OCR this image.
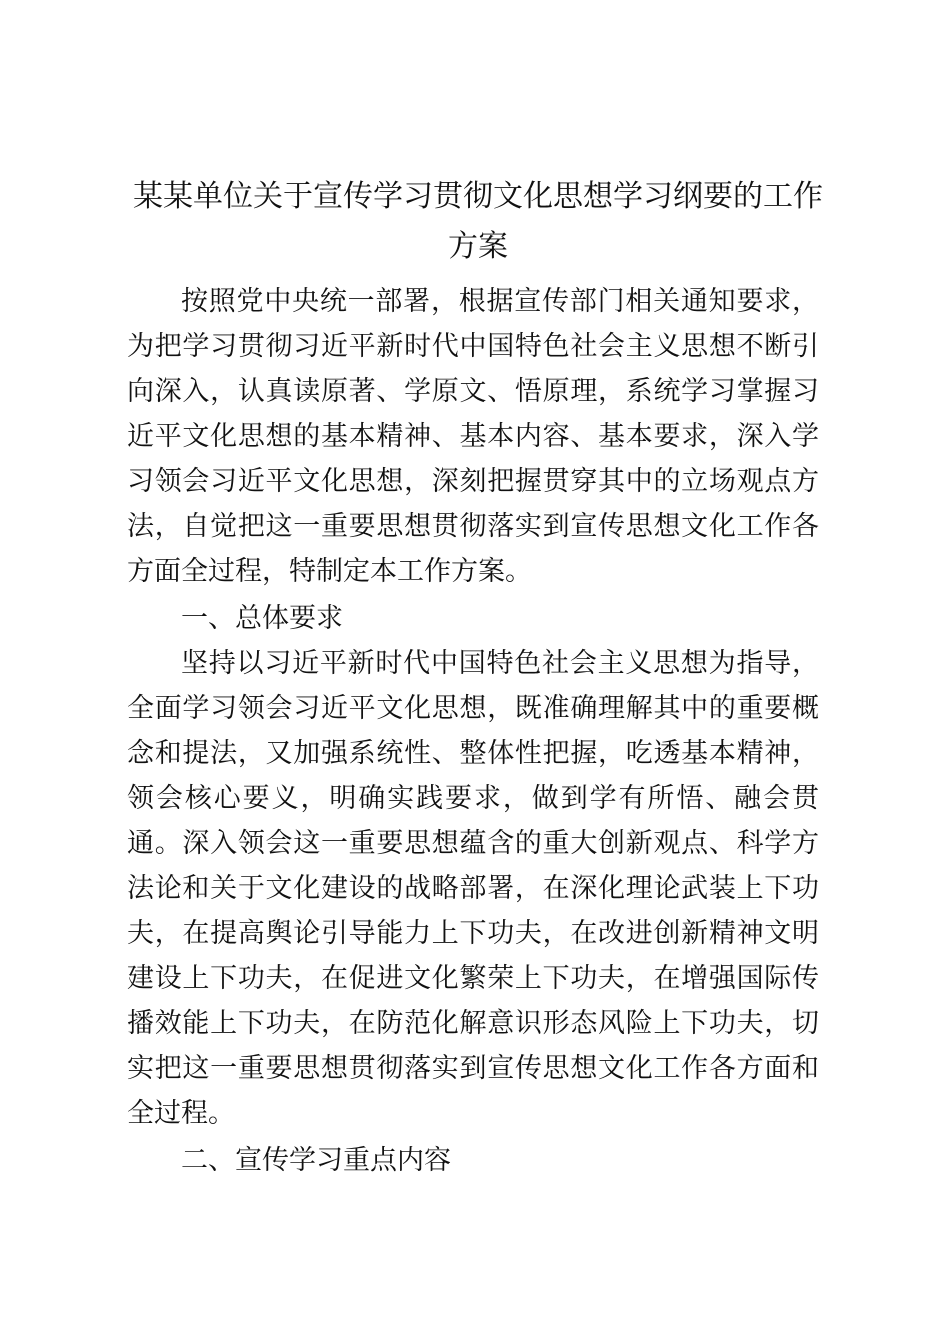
某某单位关于宣传学习贯彻文化思想学习纲要的工作方案

按照党中央统一部署，根据宣传部门相关通知要求，为把学习贯彻习近平新时代中国特色社会主义思想不断引向深入，认真读原著、学原文、悟原理，系统学习掌握习近平文化思想的基本精神、基本内容、基本要求，深入学习领会习近平文化思想，深刻把握贯穿其中的立场观点方法，自觉把这一重要思想贯彻落实到宣传思想文化工作各方面全过程，特制定本工作方案。

一、总体要求

坚持以习近平新时代中国特色社会主义思想为指导，全面学习领会习近平文化思想，既准确理解其中的重要概念和提法，又加强系统性、整体性把握，吃透基本精神，领会核心要义，明确实践要求，做到学有所悟、融会贯通。深入领会这一重要思想蕴含的重大创新观点、科学方法论和关于文化建设的战略部署，在深化理论武装上下功夫，在提高舆论引导能力上下功夫，在改进创新精神文明建设上下功夫，在促进文化繁荣上下功夫，在增强国际传播效能上下功夫，在防范化解意识形态风险上下功夫，切实把这一重要思想贯彻落实到宣传思想文化工作各方面和全过程。

二、宣传学习重点内容
